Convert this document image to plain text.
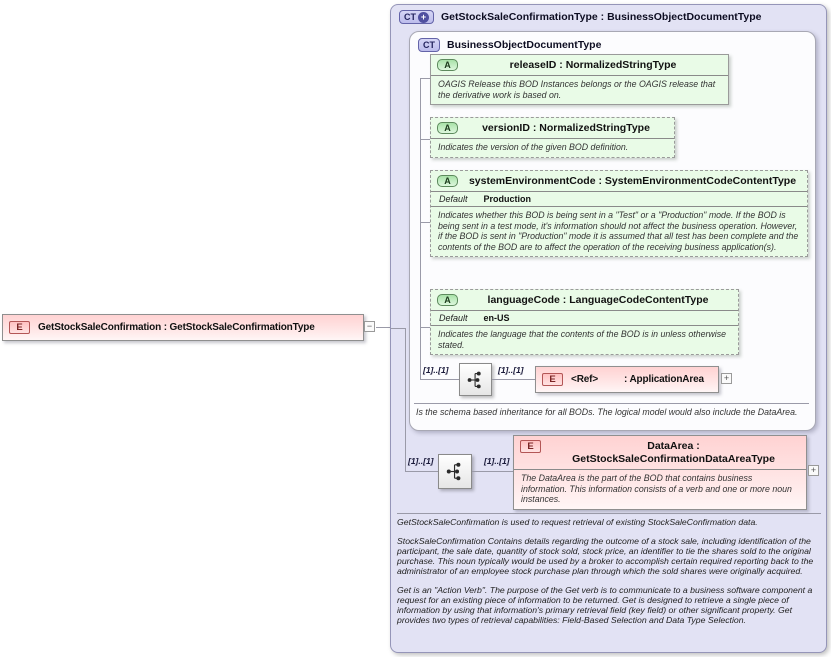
E	GetStockSaleConfirmation : GetStockSaleConfirmationType	−
CT + GetStockSaleConfirmationType : BusinessObjectDocumentType
CT	BusinessObjectDocumentType
A	releaseID : NormalizedStringType
OAGIS Release this BOD Instances belongs or the OAGIS release that the derivative work is based on.
A	versionID : NormalizedStringType
Indicates the version of the given BOD definition.
A	systemEnvironmentCode : SystemEnvironmentCodeContentType
Default Production
Indicates whether this BOD is being sent in a "Test" or a "Production" mode. If the BOD is being sent in a test mode, it's information should not affect the business operation. However, if the BOD is sent in "Production" mode it is assumed that all test has been complete and the contents of the BOD are to affect the operation of the receiving business application(s).
A	languageCode : LanguageCodeContentType
Default en-US
Indicates the language that the contents of the BOD is in unless otherwise stated.
[1]..[1]	[1]..[1]
E	<Ref>	: ApplicationArea	+
Is the schema based inheritance for all BODs. The logical model would also include the DataArea.
[1]..[1]	[1]..[1]
E	DataArea : GetStockSaleConfirmationDataAreaType
The DataArea is the part of the BOD that contains business information. This information consists of a verb and one or more noun instances.
+

GetStockSaleConfirmation is used to request retrieval of existing StockSaleConfirmation data.

StockSaleConfirmation Contains details regarding the outcome of a stock sale, including identification of the participant, the sale date, quantity of stock sold, stock price, an identifier to tie the shares sold to the original purchase. This noun typically would be used by a broker to accomplish certain required reporting back to the administrator of an employee stock purchase plan through which the sold shares were originally acquired.

Get is an "Action Verb". The purpose of the Get verb is to communicate to a business software component a request for an existing piece of information to be returned. Get is designed to retrieve a single piece of information by using that information's primary retrieval field (key field) or other significant property. Get provides two types of retrieval capabilities: Field-Based Selection and Data Type Selection.
